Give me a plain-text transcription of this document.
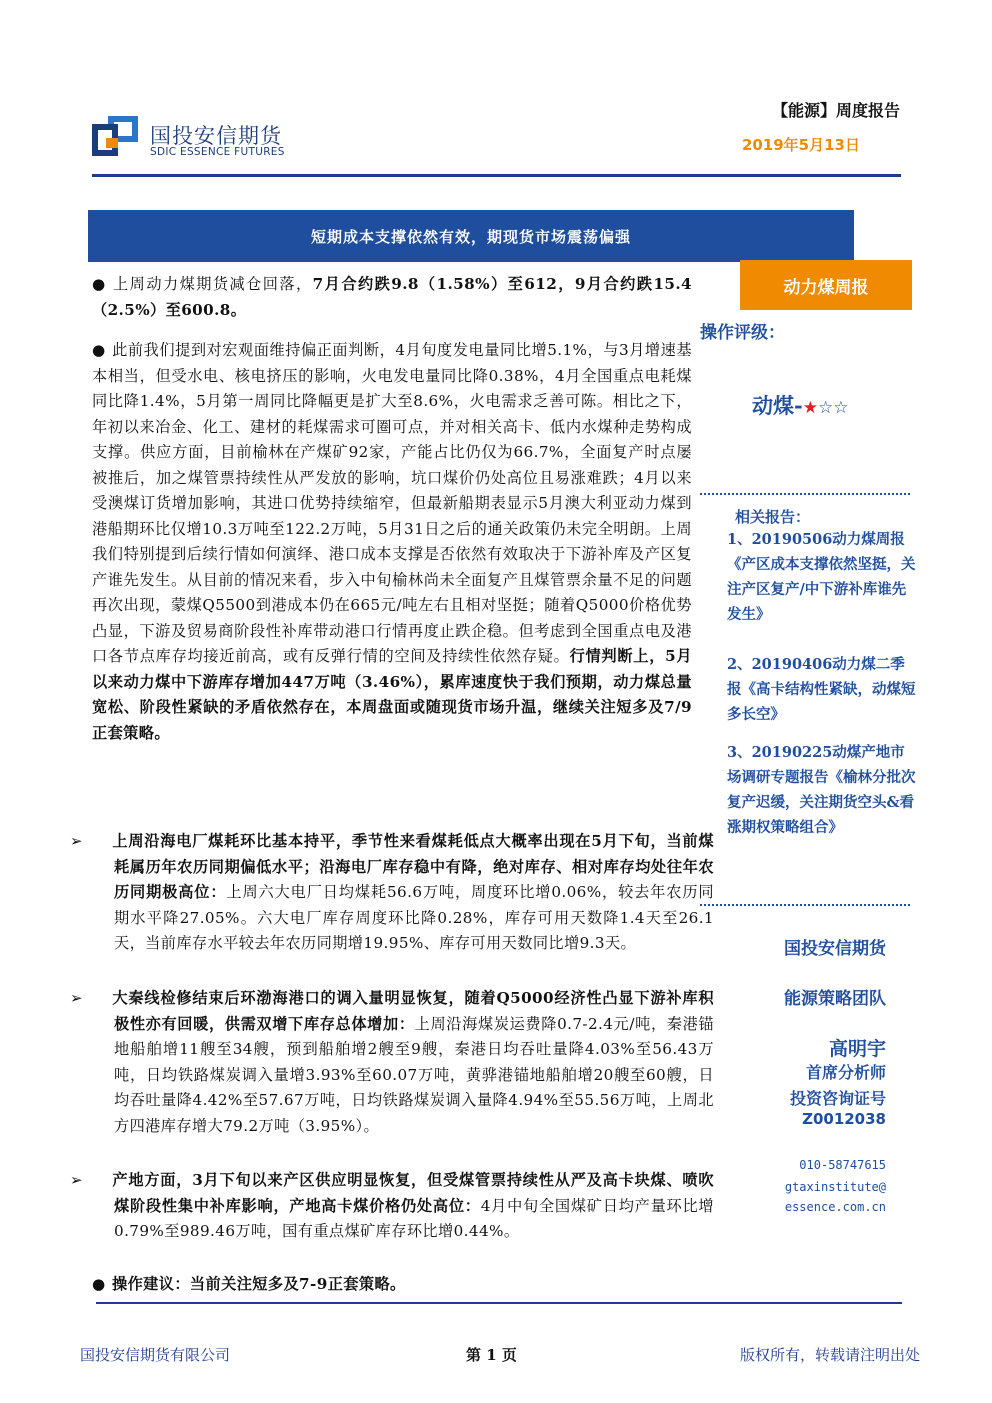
国投安信期货
SDIC ESSENCE FUTURES
【能源】周度报告
2019年5月13日
短期成本支撑依然有效，期现货市场震荡偏强
动力煤周报
操作评级：
动煤-★☆☆
相关报告：
1、20190506动力煤周报《产区成本支撑依然坚挺，关注产区复产/中下游补库谁先发生》
2、20190406动力煤二季报《高卡结构性紧缺，动煤短多长空》
3、20190225动煤产地市场调研专题报告《榆林分批次复产迟缓，关注期货空头&看涨期权策略组合》
国投安信期货
能源策略团队
高明宇
首席分析师
投资咨询证号
Z0012038
010-58747615
gtaxinstitute@
essence.com.cn
● 上周动力煤期货减仓回落，7月合约跌9.8（1.58%）至612，9月合约跌15.4（2.5%）至600.8。
● 此前我们提到对宏观面维持偏正面判断，4月旬度发电量同比增5.1%，与3月增速基本相当，但受水电、核电挤压的影响，火电发电量同比降0.38%，4月全国重点电耗煤同比降1.4%，5月第一周同比降幅更是扩大至8.6%，火电需求乏善可陈。相比之下，年初以来冶金、化工、建材的耗煤需求可圈可点，并对相关高卡、低内水煤种走势构成支撑。供应方面，目前榆林在产煤矿92家，产能占比仍仅为66.7%，全面复产时点屡被推后，加之煤管票持续性从严发放的影响，坑口煤价仍处高位且易涨难跌；4月以来受澳煤订货增加影响，其进口优势持续缩窄，但最新船期表显示5月澳大利亚动力煤到港船期环比仅增10.3万吨至122.2万吨，5月31日之后的通关政策仍未完全明朗。上周我们特别提到后续行情如何演绎、港口成本支撑是否依然有效取决于下游补库及产区复产谁先发生。从目前的情况来看，步入中旬榆林尚未全面复产且煤管票余量不足的问题再次出现，蒙煤Q5500到港成本仍在665元/吨左右且相对坚挺；随着Q5000价格优势凸显，下游及贸易商阶段性补库带动港口行情再度止跌企稳。但考虑到全国重点电及港口各节点库存均接近前高，或有反弹行情的空间及持续性依然存疑。行情判断上，5月以来动力煤中下游库存增加447万吨（3.46%），累库速度快于我们预期，动力煤总量宽松、阶段性紧缺的矛盾依然存在，本周盘面或随现货市场升温，继续关注短多及7/9正套策略。
➢ 上周沿海电厂煤耗环比基本持平，季节性来看煤耗低点大概率出现在5月下旬，当前煤耗属历年农历同期偏低水平；沿海电厂库存稳中有降，绝对库存、相对库存均处往年农历同期极高位：上周六大电厂日均煤耗56.6万吨，周度环比增0.06%，较去年农历同期水平降27.05%。六大电厂库存周度环比降0.28%，库存可用天数降1.4天至26.1天，当前库存水平较去年农历同期增19.95%、库存可用天数同比增9.3天。
➢ 大秦线检修结束后环渤海港口的调入量明显恢复，随着Q5000经济性凸显下游补库积极性亦有回暖，供需双增下库存总体增加：上周沿海煤炭运费降0.7-2.4元/吨，秦港锚地船舶增11艘至34艘，预到船舶增2艘至9艘，秦港日均吞吐量降4.03%至56.43万吨，日均铁路煤炭调入量增3.93%至60.07万吨，黄骅港锚地船舶增20艘至60艘，日均吞吐量降4.42%至57.67万吨，日均铁路煤炭调入量降4.94%至55.56万吨，上周北方四港库存增大79.2万吨（3.95%）。
➢ 产地方面，3月下旬以来产区供应明显恢复，但受煤管票持续性从严及高卡块煤、喷吹煤阶段性集中补库影响，产地高卡煤价格仍处高位：4月中旬全国煤矿日均产量环比增0.79%至989.46万吨，国有重点煤矿库存环比增0.44%。
● 操作建议：当前关注短多及7-9正套策略。
国投安信期货有限公司	第 1 页	版权所有，转载请注明出处
